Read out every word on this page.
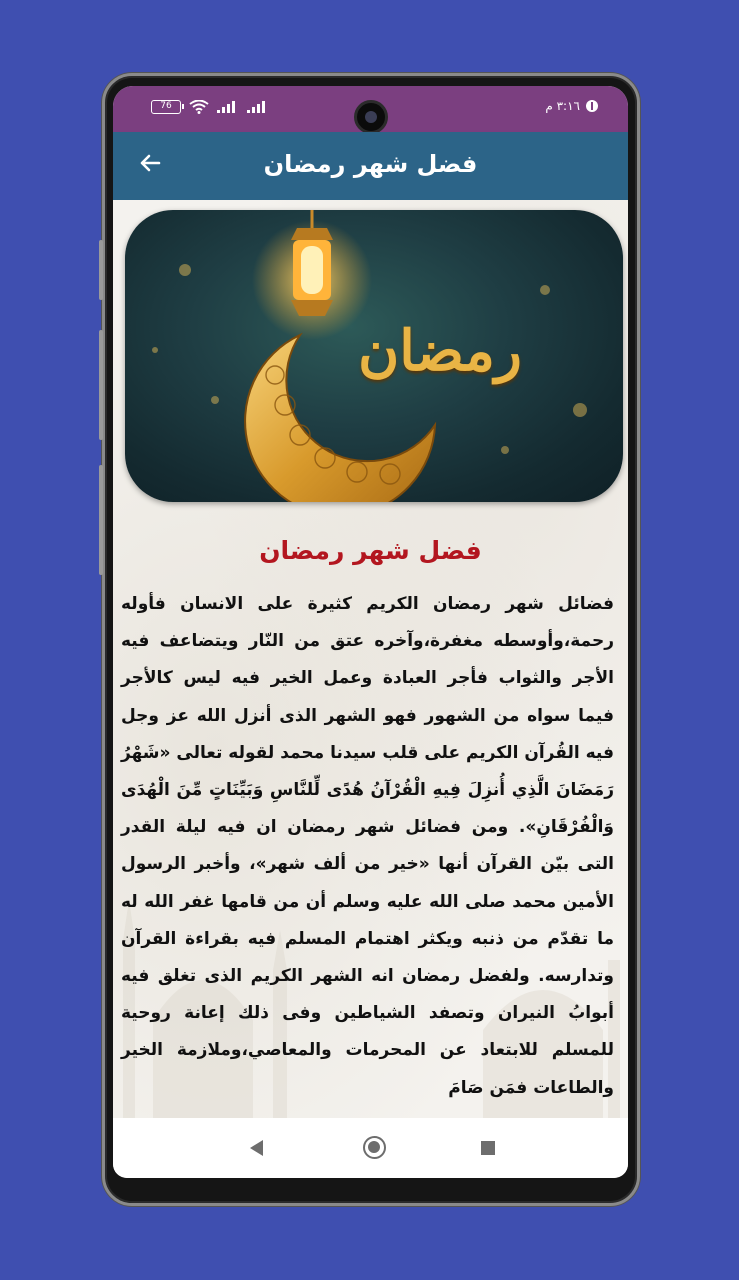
76	٣:١٦ م
فضل شهر رمضان
رمضان
فضل شهر رمضان
فضائل شهر رمضان الكريم كثيرة على الانسان فأوله رحمة،وأوسطه مغفرة،وآخره عتق من النّار ويتضاعف فيه الأجر والثواب فأجر العبادة وعمل الخير فيه ليس كالأجر فيما سواه من الشهور فهو الشهر الذى أنزل الله عز وجل فيه القُرآن الكريم على قلب سيدنا محمد لقوله تعالى «شَهْرُ رَمَضَانَ الَّذِي أُنزِلَ فِيهِ الْقُرْآنُ هُدًى لِّلنَّاسِ وَبَيِّنَاتٍ مِّنَ الْهُدَى وَالْفُرْقَانِ». ومن فضائل شهر رمضان ان فيه ليلة القدر التى بيّن القرآن أنها «خير من ألف شهر»، وأخبر الرسول الأمين محمد صلى الله عليه وسلم أن من قامها غفر الله له ما تقدّم من ذنبه ويكثر اهتمام المسلم فيه بقراءة القرآن وتدارسه. ولفضل رمضان انه الشهر الكريم الذى تغلق فيه أبوابُ النيران وتصفد الشياطين وفى ذلك إعانة روحية للمسلم للابتعاد عن المحرمات والمعاصي،وملازمة الخير والطاعات فمَن صَامَ
